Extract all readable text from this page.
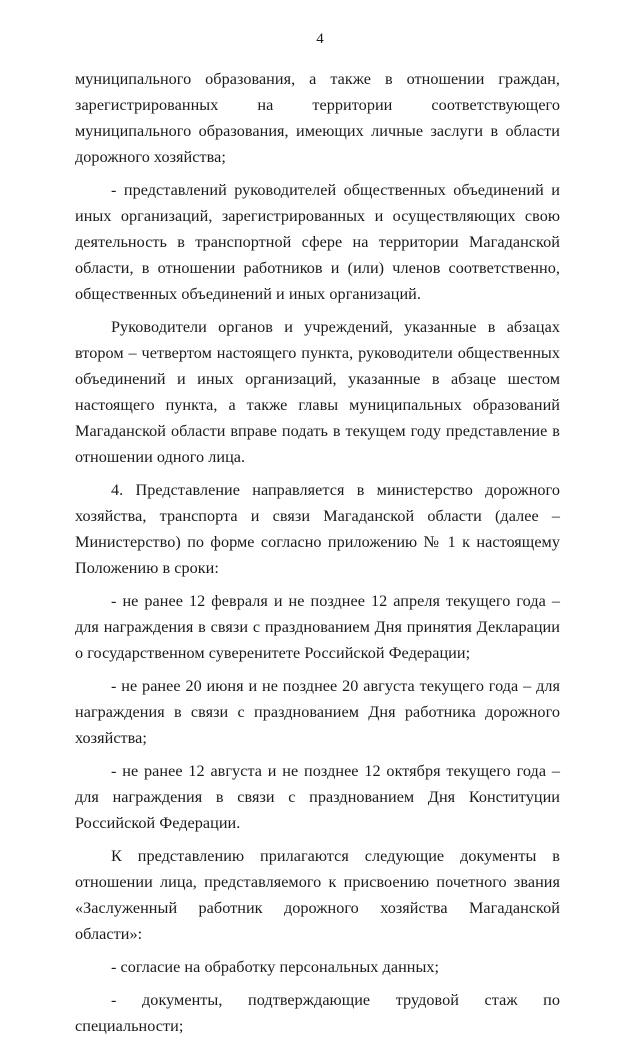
4

муниципального образования, а также в отношении граждан, зарегистрированных на территории соответствующего муниципального образования, имеющих личные заслуги в области дорожного хозяйства;

- представлений руководителей общественных объединений и иных организаций, зарегистрированных и осуществляющих свою деятельность в транспортной сфере на территории Магаданской области, в отношении работников и (или) членов соответственно, общественных объединений и иных организаций.

Руководители органов и учреждений, указанные в абзацах втором – четвертом настоящего пункта, руководители общественных объединений и иных организаций, указанные в абзаце шестом настоящего пункта, а также главы муниципальных образований Магаданской области вправе подать в текущем году представление в отношении одного лица.

4. Представление направляется в министерство дорожного хозяйства, транспорта и связи Магаданской области (далее – Министерство) по форме согласно приложению № 1 к настоящему Положению в сроки:

- не ранее 12 февраля и не позднее 12 апреля текущего года – для награждения в связи с празднованием Дня принятия Декларации о государственном суверенитете Российской Федерации;

- не ранее 20 июня и не позднее 20 августа текущего года – для награждения в связи с празднованием Дня работника дорожного хозяйства;

- не ранее 12 августа и не позднее 12 октября текущего года – для награждения в связи с празднованием Дня Конституции Российской Федерации.

К представлению прилагаются следующие документы в отношении лица, представляемого к присвоению почетного звания «Заслуженный работник дорожного хозяйства Магаданской области»:

- согласие на обработку персональных данных;

- документы, подтверждающие трудовой стаж по специальности;
